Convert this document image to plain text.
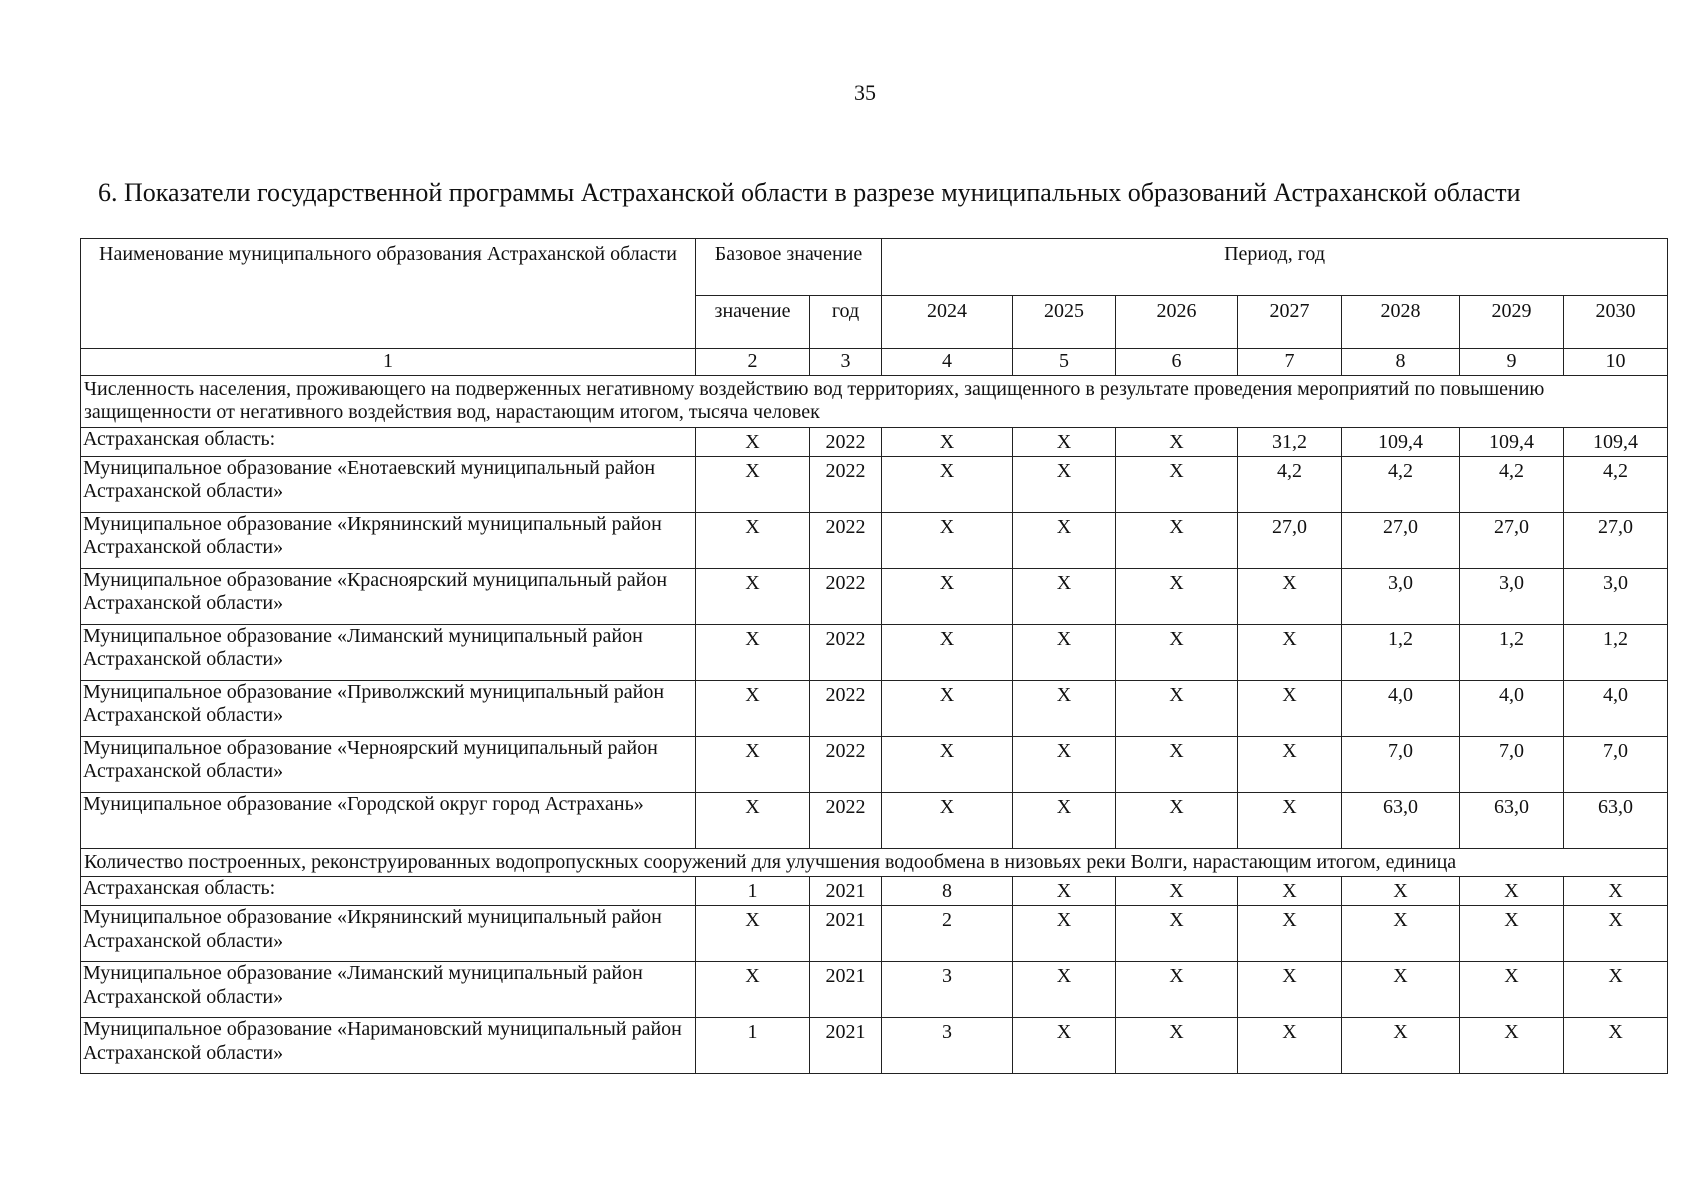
35
6. Показатели государственной программы Астраханской области в разрезе муниципальных образований Астраханской области
Наименование муниципального образования Астраханской области	Базовое значение		Период, год						
	значение	год	2024	2025	2026	2027	2028	2029	2030
1	2	3	4	5	6	7	8	9	10
Численность населения, проживающего на подверженных негативному воздействию вод территориях, защищенного в результате проведения мероприятий по повышению защищенности от негативного воздействия вод, нарастающим итогом, тысяча человек									
Астраханская область:	X	2022	X	X	X	31,2	109,4	109,4	109,4
Муниципальное образование «Енотаевский муниципальный район Астраханской области»	X	2022	X	X	X	4,2	4,2	4,2	4,2
Муниципальное образование «Икрянинский муниципальный район Астраханской области»	X	2022	X	X	X	27,0	27,0	27,0	27,0
Муниципальное образование «Красноярский муниципальный район Астраханской области»	X	2022	X	X	X	X	3,0	3,0	3,0
Муниципальное образование «Лиманский муниципальный район Астраханской области»	X	2022	X	X	X	X	1,2	1,2	1,2
Муниципальное образование «Приволжский муниципальный район Астраханской области»	X	2022	X	X	X	X	4,0	4,0	4,0
Муниципальное образование «Черноярский муниципальный район Астраханской области»	X	2022	X	X	X	X	7,0	7,0	7,0
Муниципальное образование «Городской округ город Астрахань»	X	2022	X	X	X	X	63,0	63,0	63,0
Количество построенных, реконструированных водопропускных сооружений для улучшения водообмена в низовьях реки Волги, нарастающим итогом, единица									
Астраханская область:	1	2021	8	X	X	X	X	X	X
Муниципальное образование «Икрянинский муниципальный район Астраханской области»	X	2021	2	X	X	X	X	X	X
Муниципальное образование «Лиманский муниципальный район Астраханской области»	X	2021	3	X	X	X	X	X	X
Муниципальное образование «Наримановский муниципальный район Астраханской области»	1	2021	3	X	X	X	X	X	X
